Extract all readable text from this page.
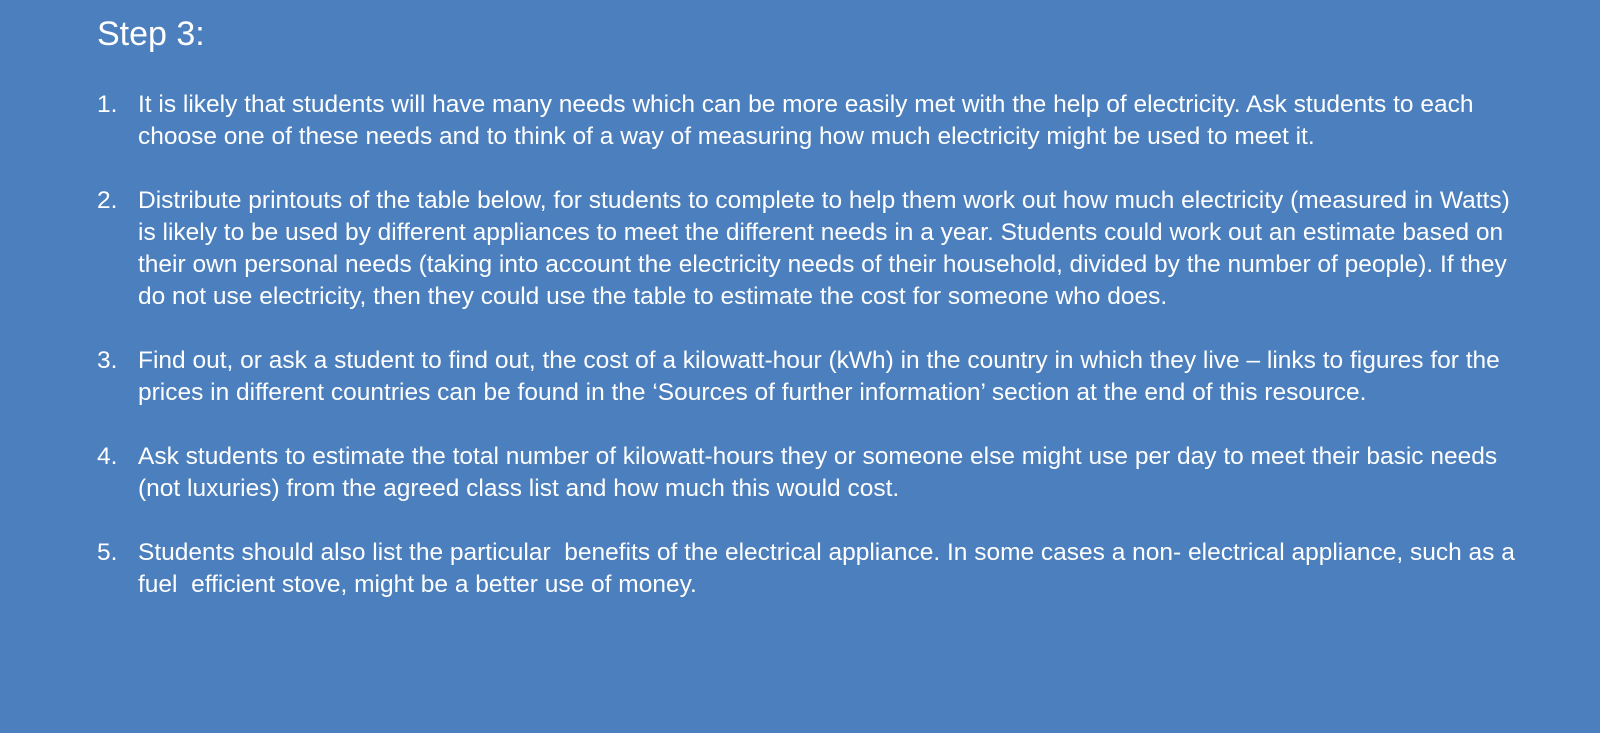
Step 3:
1. It is likely that students will have many needs which can be more easily met with the help of electricity. Ask students to each choose one of these needs and to think of a way of measuring how much electricity might be used to meet it.
2. Distribute printouts of the table below, for students to complete to help them work out how much electricity (measured in Watts) is likely to be used by different appliances to meet the different needs in a year. Students could work out an estimate based on their own personal needs (taking into account the electricity needs of their household, divided by the number of people). If they do not use electricity, then they could use the table to estimate the cost for someone who does.
3. Find out, or ask a student to find out, the cost of a kilowatt-hour (kWh) in the country in which they live – links to figures for the prices in different countries can be found in the ‘Sources of further information’ section at the end of this resource.
4. Ask students to estimate the total number of kilowatt-hours they or someone else might use per day to meet their basic needs (not luxuries) from the agreed class list and how much this would cost.
5. Students should also list the particular  benefits of the electrical appliance. In some cases a non- electrical appliance, such as a fuel  efficient stove, might be a better use of money.
